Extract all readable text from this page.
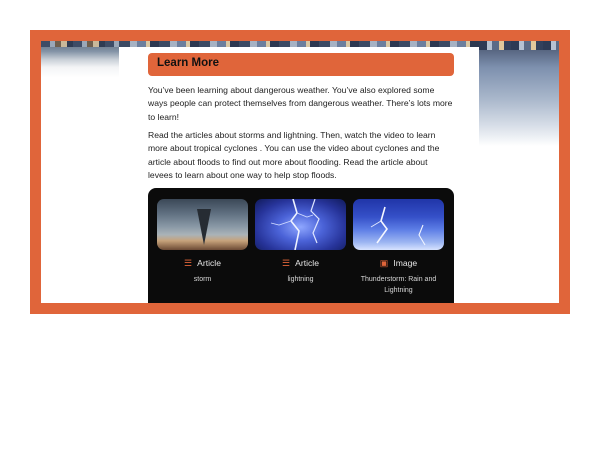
Learn More

You’ve been learning about dangerous weather. You’ve also explored some ways people can protect themselves from dangerous weather. There’s lots more to learn!

Read the articles about storms and lightning. Then, watch the video to learn more about tropical cyclones . You can use the video about cyclones and the article about floods to find out more about flooding. Read the article about levees to learn about one way to help stop floods.

☰ Article
storm
☰ Article
lightning
▣ Image
Thunderstorm: Rain and Lightning
